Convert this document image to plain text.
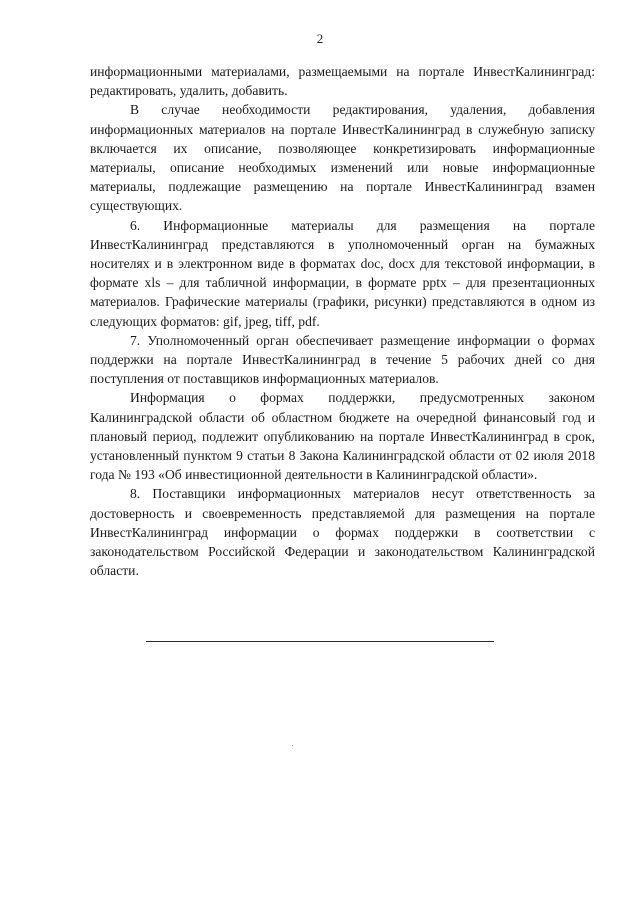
2

информационными материалами, размещаемыми на портале ИнвестКалининград: редактировать, удалить, добавить.

В случае необходимости редактирования, удаления, добавления информационных материалов на портале ИнвестКалининград в служебную записку включается их описание, позволяющее конкретизировать информационные материалы, описание необходимых изменений или новые информационные материалы, подлежащие размещению на портале ИнвестКалининград взамен существующих.

6. Информационные материалы для размещения на портале ИнвестКалининград представляются в уполномоченный орган на бумажных носителях и в электронном виде в форматах doc, docx для текстовой информации, в формате xls – для табличной информации, в формате pptx – для презентационных материалов. Графические материалы (графики, рисунки) представляются в одном из следующих форматов: gif, jpeg, tiff, pdf.

7. Уполномоченный орган обеспечивает размещение информации о формах поддержки на портале ИнвестКалининград в течение 5 рабочих дней со дня поступления от поставщиков информационных материалов.

Информация о формах поддержки, предусмотренных законом Калининградской области об областном бюджете на очередной финансовый год и плановый период, подлежит опубликованию на портале ИнвестКалининград в срок, установленный пунктом 9 статьи 8 Закона Калининградской области от 02 июля 2018 года № 193 «Об инвестиционной деятельности в Калининградской области».

8. Поставщики информационных материалов несут ответственность за достоверность и своевременность представляемой для размещения на портале ИнвестКалининград информации о формах поддержки в соответствии с законодательством Российской Федерации и законодательством Калининградской области.
